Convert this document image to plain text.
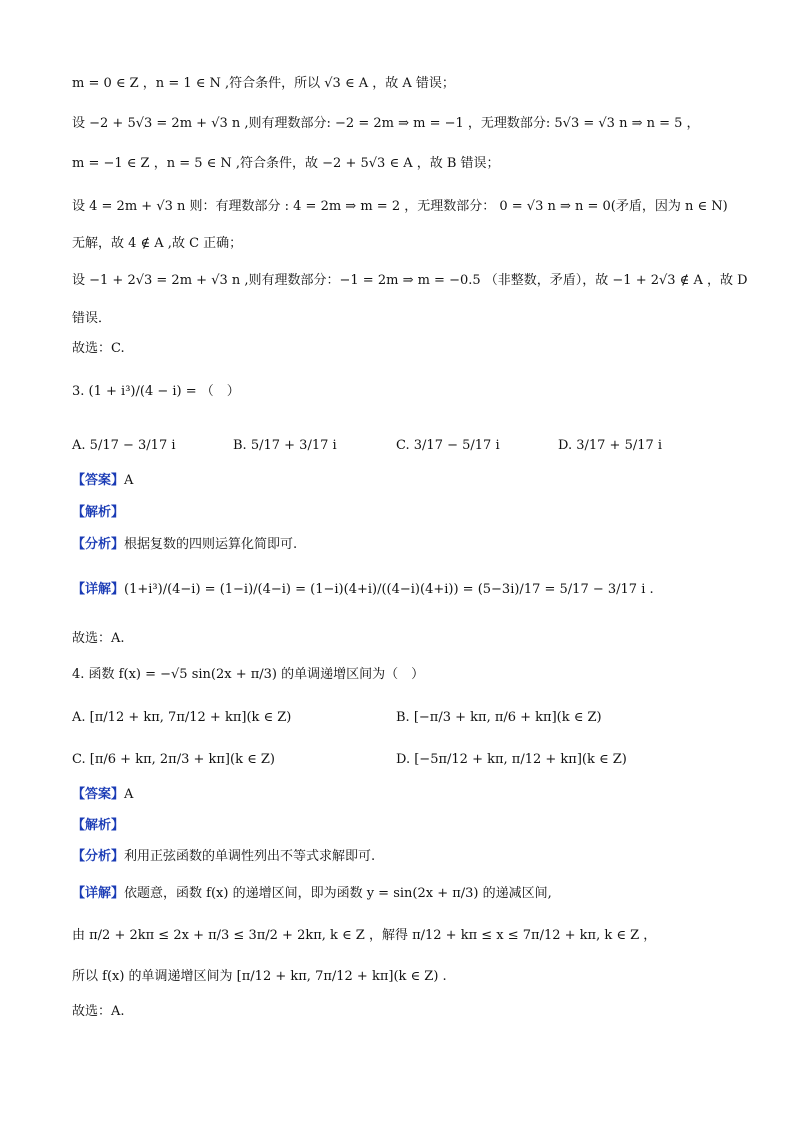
m = 0 ∈ Z ，n = 1 ∈ N ,符合条件，所以 √3 ∈ A ，故 A 错误；
设 −2 + 5√3 = 2m + √3 n ,则有理数部分: −2 = 2m ⇒ m = −1 ，无理数部分: 5√3 = √3 n ⇒ n = 5 ，
m = −1 ∈ Z ，n = 5 ∈ N ,符合条件，故 −2 + 5√3 ∈ A ，故 B 错误；
设 4 = 2m + √3 n 则：有理数部分 : 4 = 2m ⇒ m = 2 ，无理数部分： 0 = √3 n ⇒ n = 0(矛盾，因为 n ∈ N)
无解，故 4 ∉ A ,故 C 正确；
设 −1 + 2√3 = 2m + √3 n ,则有理数部分：−1 = 2m ⇒ m = −0.5 （非整数，矛盾），故 −1 + 2√3 ∉ A ，故 D
错误．
故选：C.
3. (1 + i³)/(4 − i) = （　）
A. 5/17 − 3/17 i	B. 5/17 + 3/17 i	C. 3/17 − 5/17 i	D. 3/17 + 5/17 i
【答案】A
【解析】
【分析】根据复数的四则运算化简即可.
【详解】(1+i³)/(4−i) = (1−i)/(4−i) = (1−i)(4+i)/((4−i)(4+i)) = (5−3i)/17 = 5/17 − 3/17 i .
故选：A.
4. 函数 f(x) = −√5 sin(2x + π/3) 的单调递增区间为（　）
A. [π/12 + kπ, 7π/12 + kπ](k ∈ Z)	B. [−π/3 + kπ, π/6 + kπ](k ∈ Z)
C. [π/6 + kπ, 2π/3 + kπ](k ∈ Z)	D. [−5π/12 + kπ, π/12 + kπ](k ∈ Z)
【答案】A
【解析】
【分析】利用正弦函数的单调性列出不等式求解即可.
【详解】依题意，函数 f(x) 的递增区间，即为函数 y = sin(2x + π/3) 的递减区间,
由 π/2 + 2kπ ≤ 2x + π/3 ≤ 3π/2 + 2kπ, k ∈ Z ，解得 π/12 + kπ ≤ x ≤ 7π/12 + kπ, k ∈ Z ，
所以 f(x) 的单调递增区间为 [π/12 + kπ, 7π/12 + kπ](k ∈ Z) .
故选：A.
